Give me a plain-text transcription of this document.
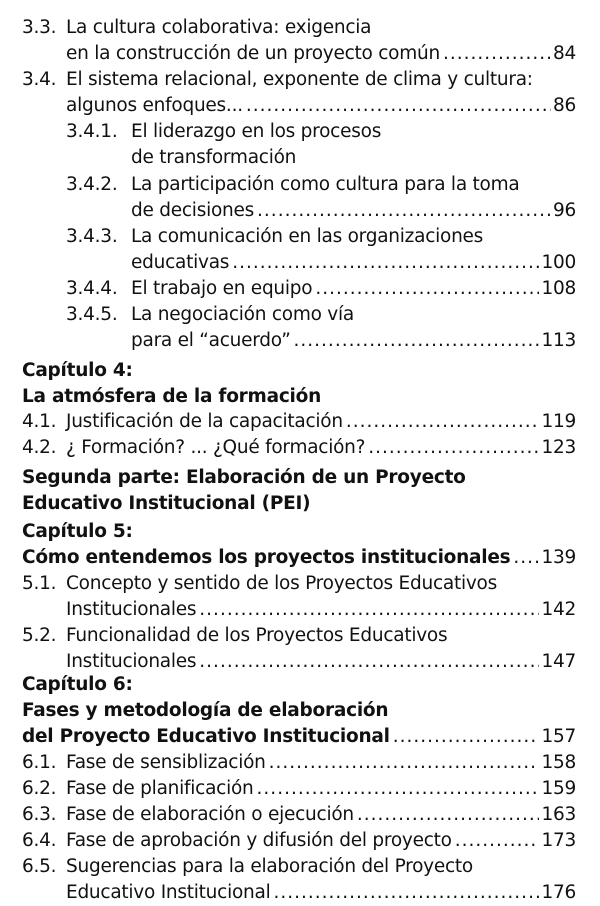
3.3. La cultura colaborativa: exigencia
en la construcción de un proyecto común .....	84
3.4. El sistema relacional, exponente de clima y cultura:
algunos enfoques... .....	86
3.4.1. El liderazgo en los procesos
de transformación
3.4.2. La participación como cultura para la toma
de decisiones .....	96
3.4.3. La comunicación en las organizaciones
educativas .....	100
3.4.4. El trabajo en equipo .....	108
3.4.5. La negociación como vía
para el “acuerdo” .....	113
Capítulo 4:
La atmósfera de la formación
4.1. Justificación de la capacitación .....	119
4.2. ¿ Formación? ... ¿Qué formación? .....	123
Segunda parte: Elaboración de un Proyecto
Educativo Institucional (PEI)
Capítulo 5:
Cómo entendemos los proyectos institucionales ..... 139
5.1. Concepto y sentido de los Proyectos Educativos
Institucionales .....	142
5.2. Funcionalidad de los Proyectos Educativos
Institucionales .....	147
Capítulo 6:
Fases y metodología de elaboración
del Proyecto Educativo Institucional .....	157
6.1. Fase de sensiblización .....	158
6.2. Fase de planificación .....	159
6.3. Fase de elaboración o ejecución .....	163
6.4. Fase de aprobación y difusión del proyecto .....	173
6.5. Sugerencias para la elaboración del Proyecto
Educativo Institucional .....	176
